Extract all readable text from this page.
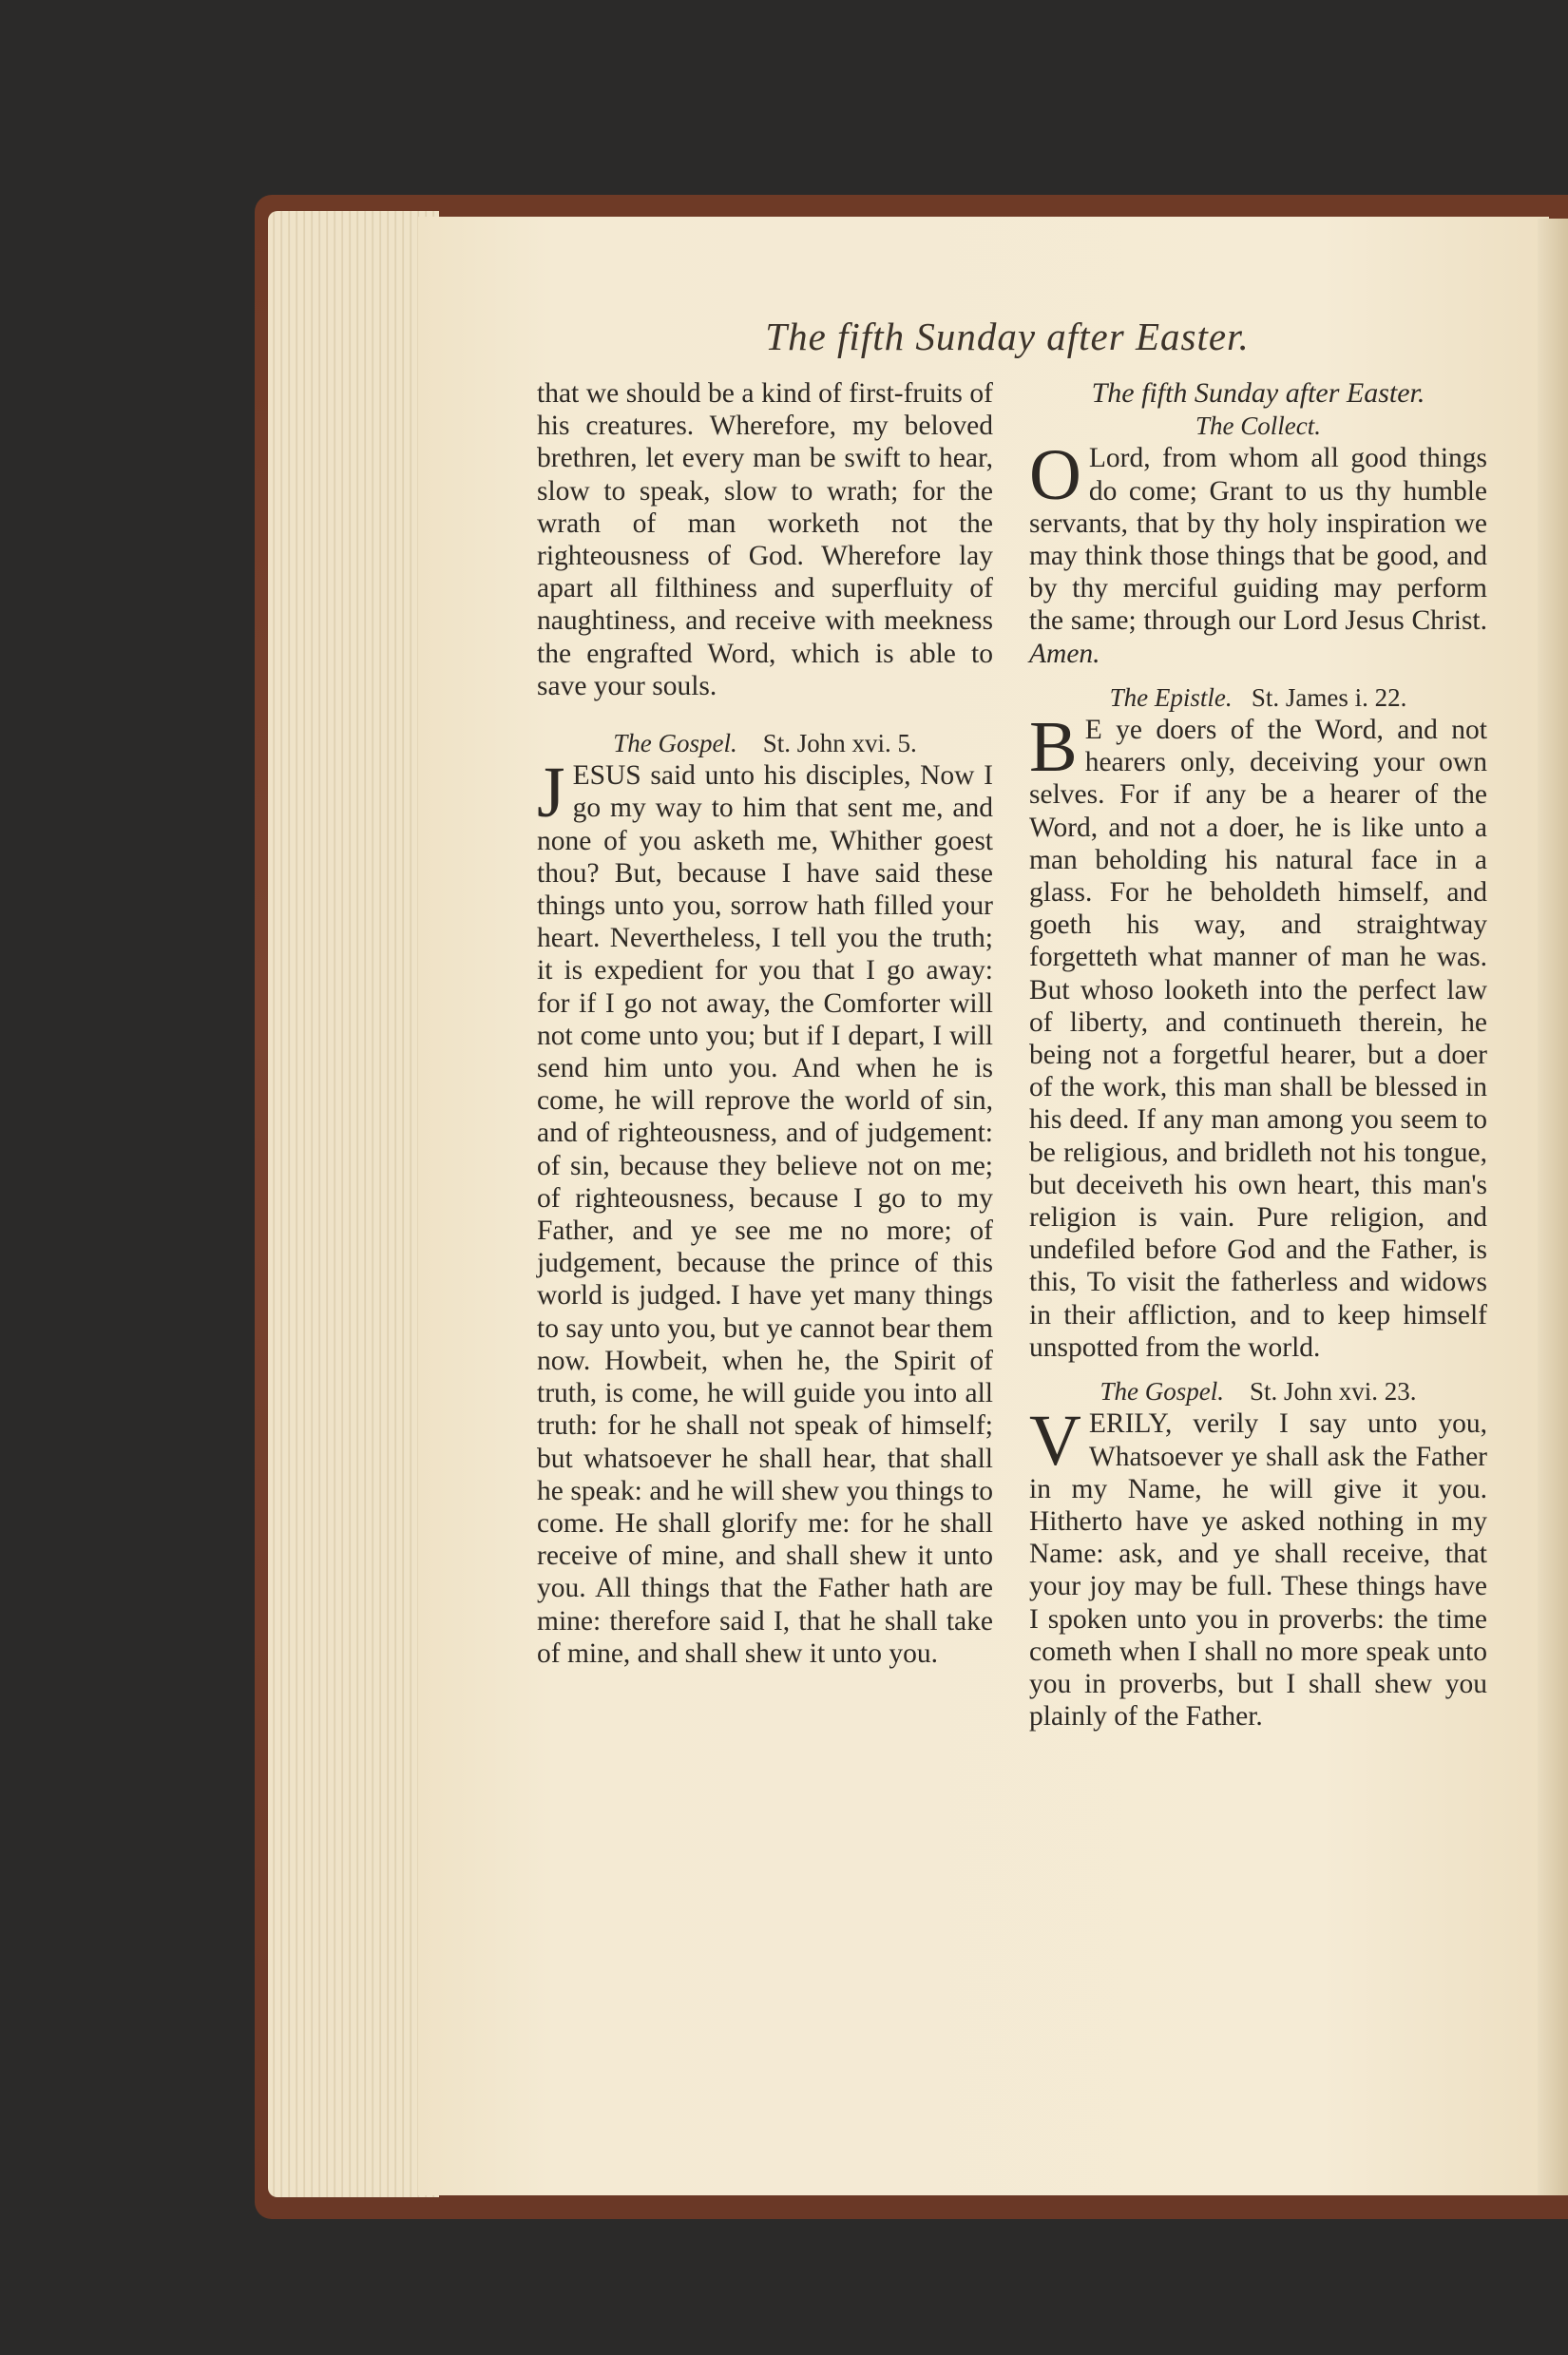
The fifth Sunday after Easter.

that we should be a kind of first-fruits of his creatures. Wherefore, my beloved brethren, let every man be swift to hear, slow to speak, slow to wrath; for the wrath of man worketh not the righteousness of God. Wherefore lay apart all filthiness and superfluity of naughtiness, and receive with meekness the engrafted Word, which is able to save your souls.

The Gospel. St. John xvi. 5.

JESUS said unto his disciples, Now I go my way to him that sent me, and none of you asketh me, Whither goest thou? But, because I have said these things unto you, sorrow hath filled your heart. Nevertheless, I tell you the truth; it is expedient for you that I go away: for if I go not away, the Comforter will not come unto you; but if I depart, I will send him unto you. And when he is come, he will reprove the world of sin, and of righteousness, and of judgement: of sin, because they believe not on me; of righteousness, because I go to my Father, and ye see me no more; of judgement, because the prince of this world is judged. I have yet many things to say unto you, but ye cannot bear them now. Howbeit, when he, the Spirit of truth, is come, he will guide you into all truth: for he shall not speak of himself; but whatsoever he shall hear, that shall he speak: and he will shew you things to come. He shall glorify me: for he shall receive of mine, and shall shew it unto you. All things that the Father hath are mine: therefore said I, that he shall take of mine, and shall shew it unto you.

The fifth Sunday after Easter.

The Collect.

O Lord, from whom all good things do come; Grant to us thy humble servants, that by thy holy inspiration we may think those things that be good, and by thy merciful guiding may perform the same; through our Lord Jesus Christ. Amen.

The Epistle. St. James i. 22.

B E ye doers of the Word, and not hearers only, deceiving your own selves. For if any be a hearer of the Word, and not a doer, he is like unto a man beholding his natural face in a glass. For he beholdeth himself, and goeth his way, and straightway forgetteth what manner of man he was. But whoso looketh into the perfect law of liberty, and continueth therein, he being not a forgetful hearer, but a doer of the work, this man shall be blessed in his deed. If any man among you seem to be religious, and bridleth not his tongue, but deceiveth his own heart, this man's religion is vain. Pure religion, and undefiled before God and the Father, is this, To visit the fatherless and widows in their affliction, and to keep himself unspotted from the world.

The Gospel. St. John xvi. 23.

VERILY, verily I say unto you, Whatsoever ye shall ask the Father in my Name, he will give it you. Hitherto have ye asked nothing in my Name: ask, and ye shall receive, that your joy may be full. These things have I spoken unto you in proverbs: the time cometh when I shall no more speak unto you in proverbs, but I shall shew you plainly of the Father.
